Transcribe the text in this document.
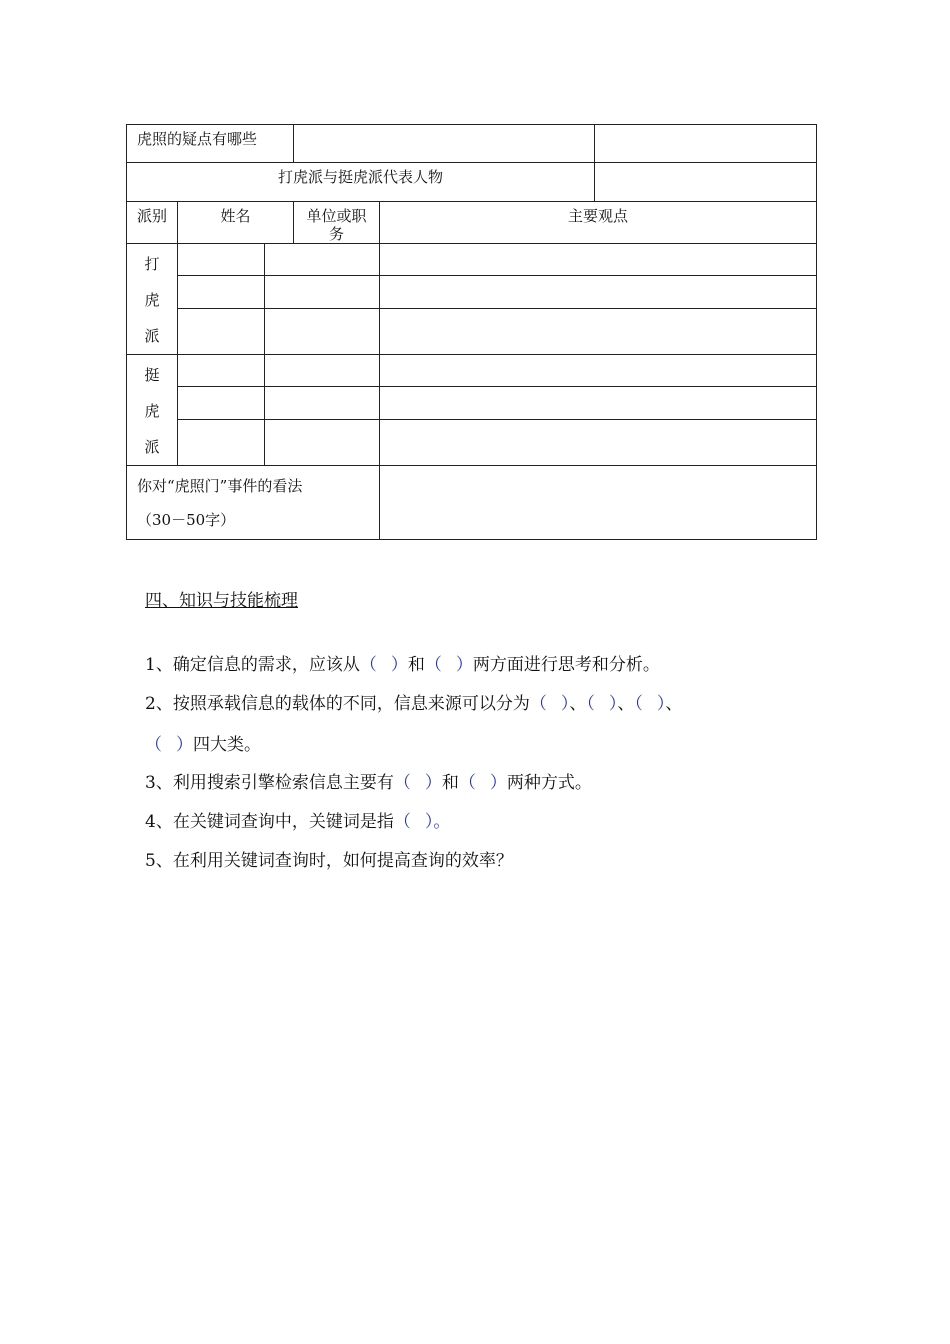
虎照的疑点有哪些					
打虎派与挺虎派代表人物					
派别	姓名		单位或职务	主要观点	

打
虎
派					

挺
虎
派					

你对“虎照门”事件的看法
（30－50字）					

四、知识与技能梳理
1、确定信息的需求，应该从（ ）和（ ）两方面进行思考和分析。
2、按照承载信息的载体的不同，信息来源可以分为（ ）、（ ）、（ ）、
（ ）四大类。
3、利用搜索引擎检索信息主要有（ ）和（ ）两种方式。
4、在关键词查询中，关键词是指（ ）。
5、在利用关键词查询时，如何提高查询的效率？
